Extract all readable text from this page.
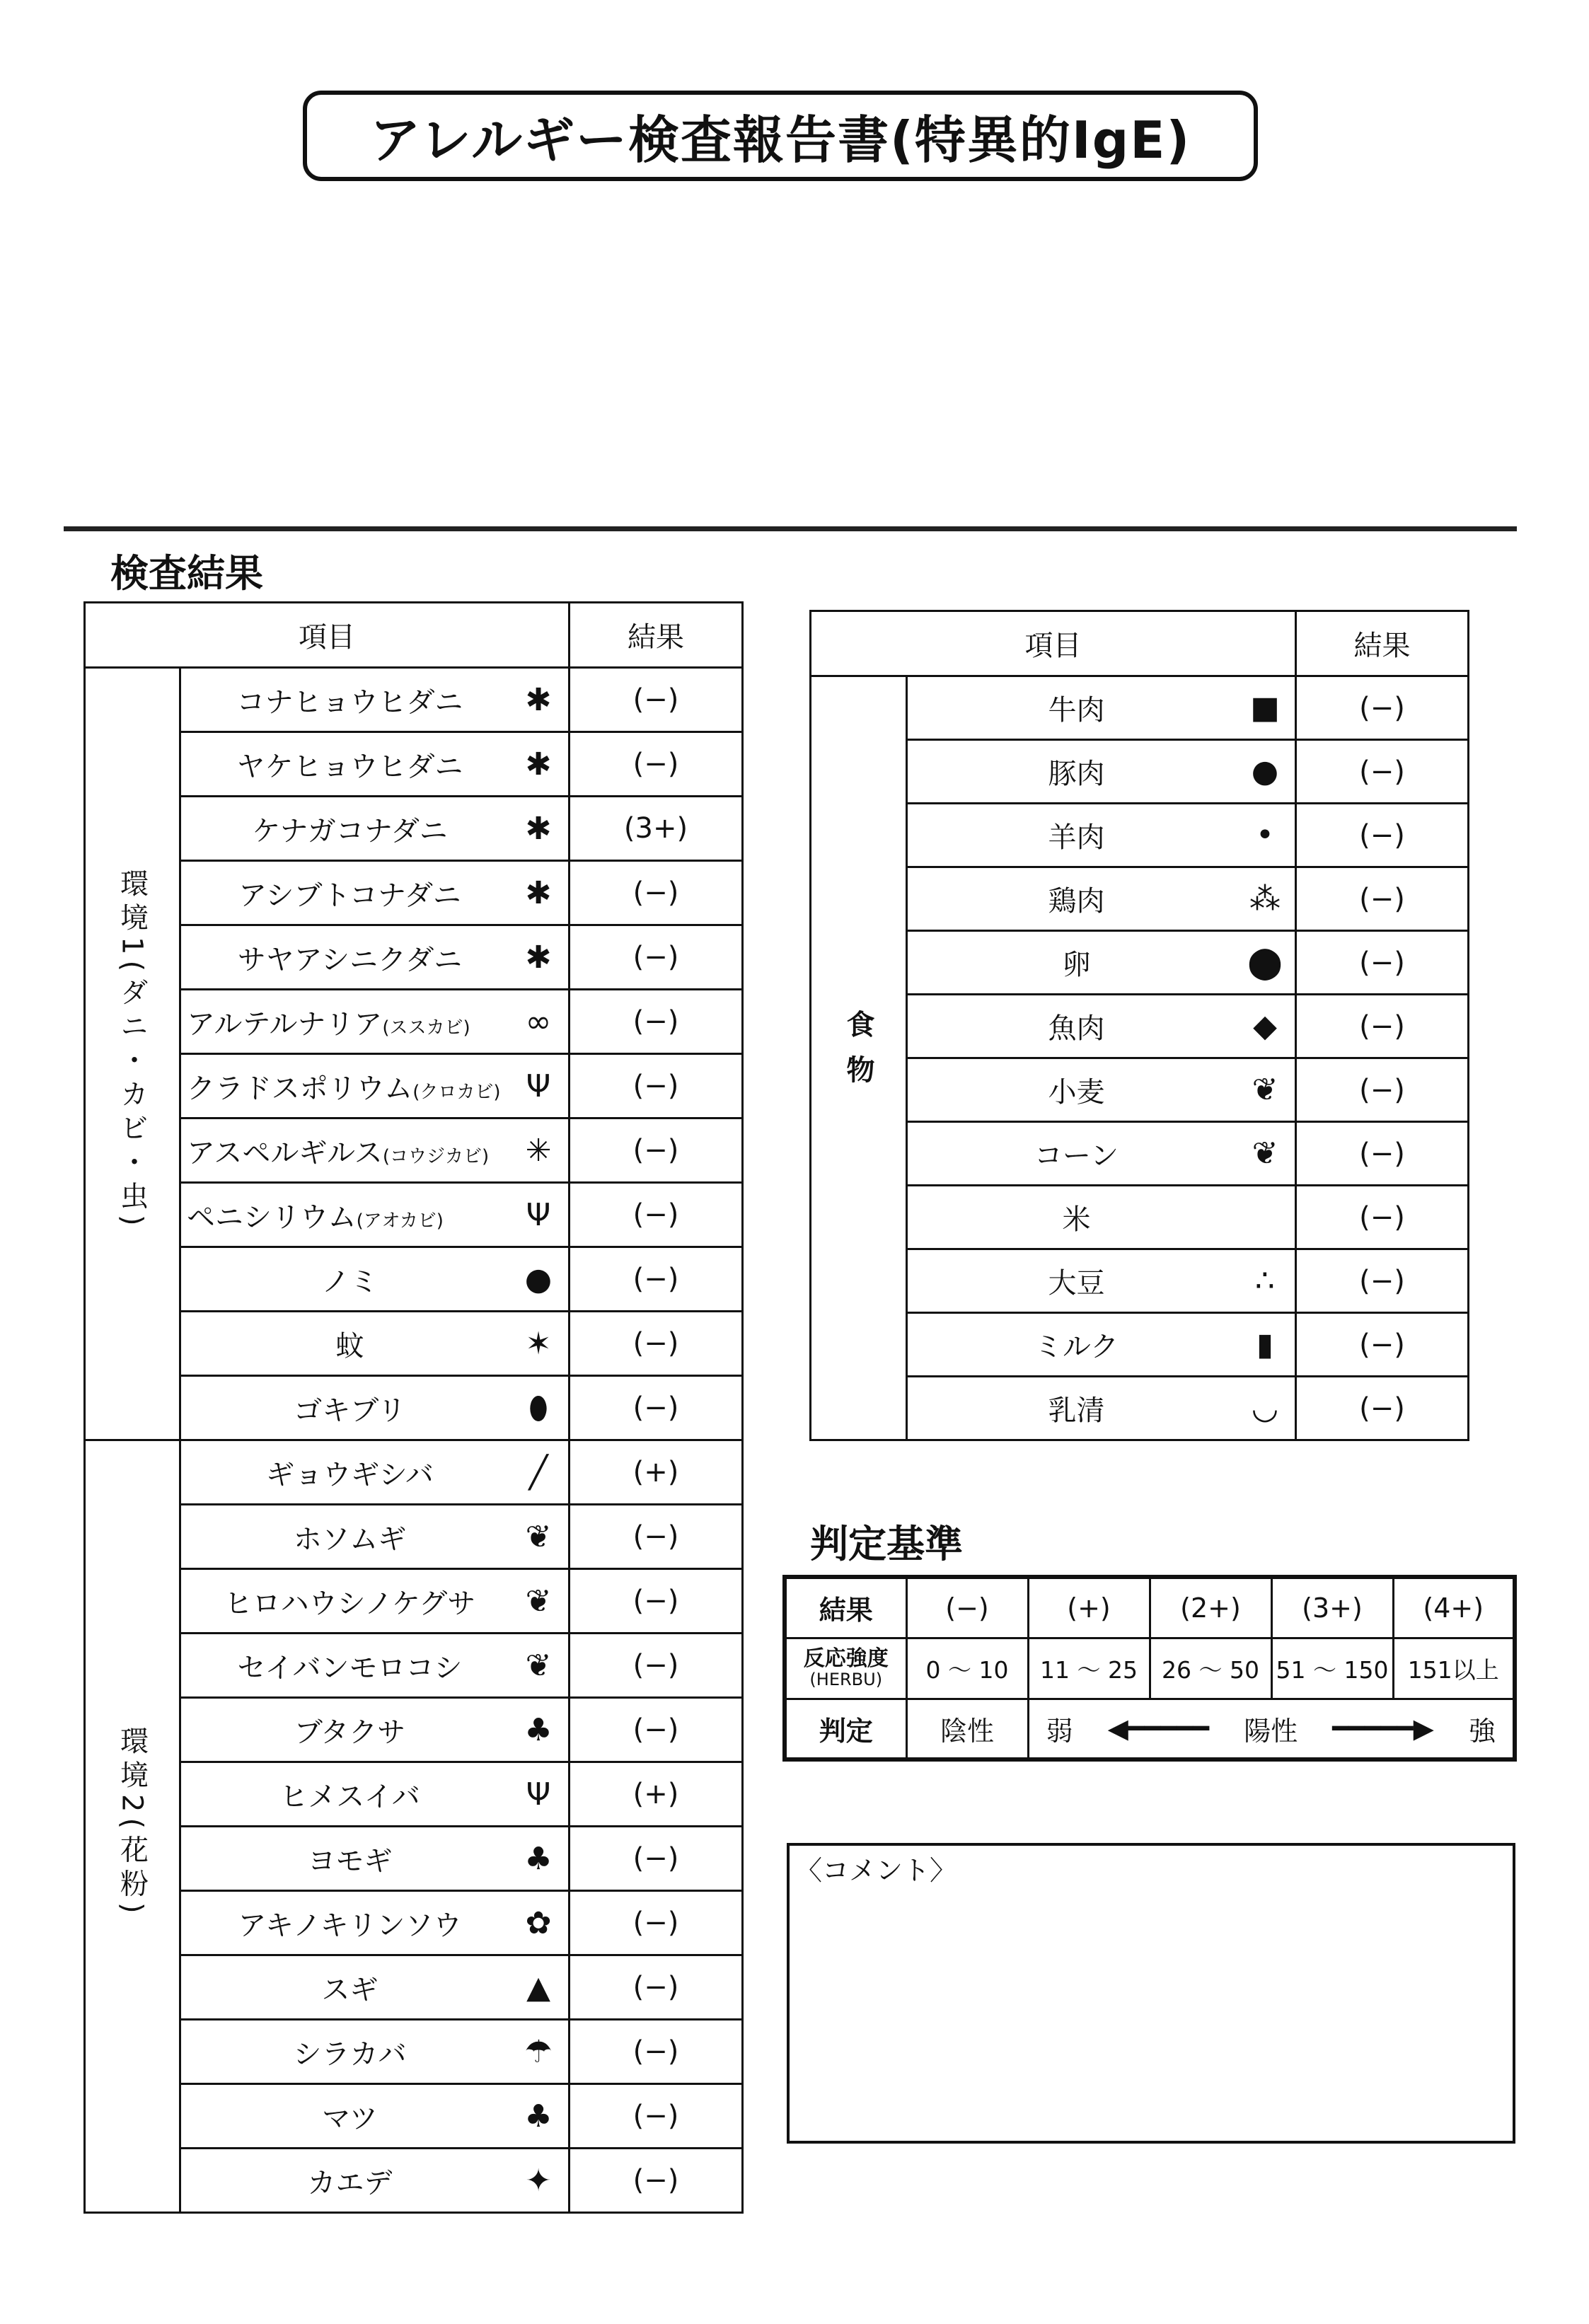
アレルギー検査報告書(特異的IgE)
検査結果
項目		結果
環境1(ダニ・カビ・虫)	コナヒョウヒダニ ✱	(−)

	ヤケヒョウヒダニ ✱	(−)

	ケナガコナダニ ✱	(3+)

	アシブトコナダニ ✱	(−)

	サヤアシニクダニ ✱	(−)

	アルテルナリア(ススカビ) ∞	(−)

	クラドスポリウム(クロカビ) Ψ	(−)

	アスペルギルス(コウジカビ) ✳	(−)

	ペニシリウム(アオカビ) Ψ	(−)

	ノミ ●	(−)

	蚊 ✶	(−)

	ゴキブリ ⬮	(−)
環境2(花粉)	ギョウギシバ ╱	(+)

	ホソムギ ❦	(−)

	ヒロハウシノケグサ ❦	(−)

	セイバンモロコシ ❦	(−)

	ブタクサ ♣	(−)

	ヒメスイバ Ψ	(+)

	ヨモギ ♣	(−)

	アキノキリンソウ ✿	(−)

	スギ ▲	(−)

	シラカバ ☂	(−)

	マツ ♣	(−)

	カエデ ✦	(−)
項目		結果
食物	牛肉 ■	(−)

	豚肉 ●	(−)

	羊肉 •	(−)

	鶏肉 ⁂	(−)

	卵 ⬤	(−)

	魚肉 ◆	(−)

	小麦 ❦	(−)

	コーン ❦	(−)

	米	(−)

	大豆 ∴	(−)

	ミルク ▮	(−)

	乳清 ◡	(−)
判定基準
結果	(−)	(+)	(2+)	(3+)	(4+)

反応強度
(HERBU)	0 〜 10	11 〜 25	26 〜 50	51 〜 150	151以上
判定	陰性	弱 ◀━━━━━ 陽性 ━━━━━▶ 強			
〈コメント〉
